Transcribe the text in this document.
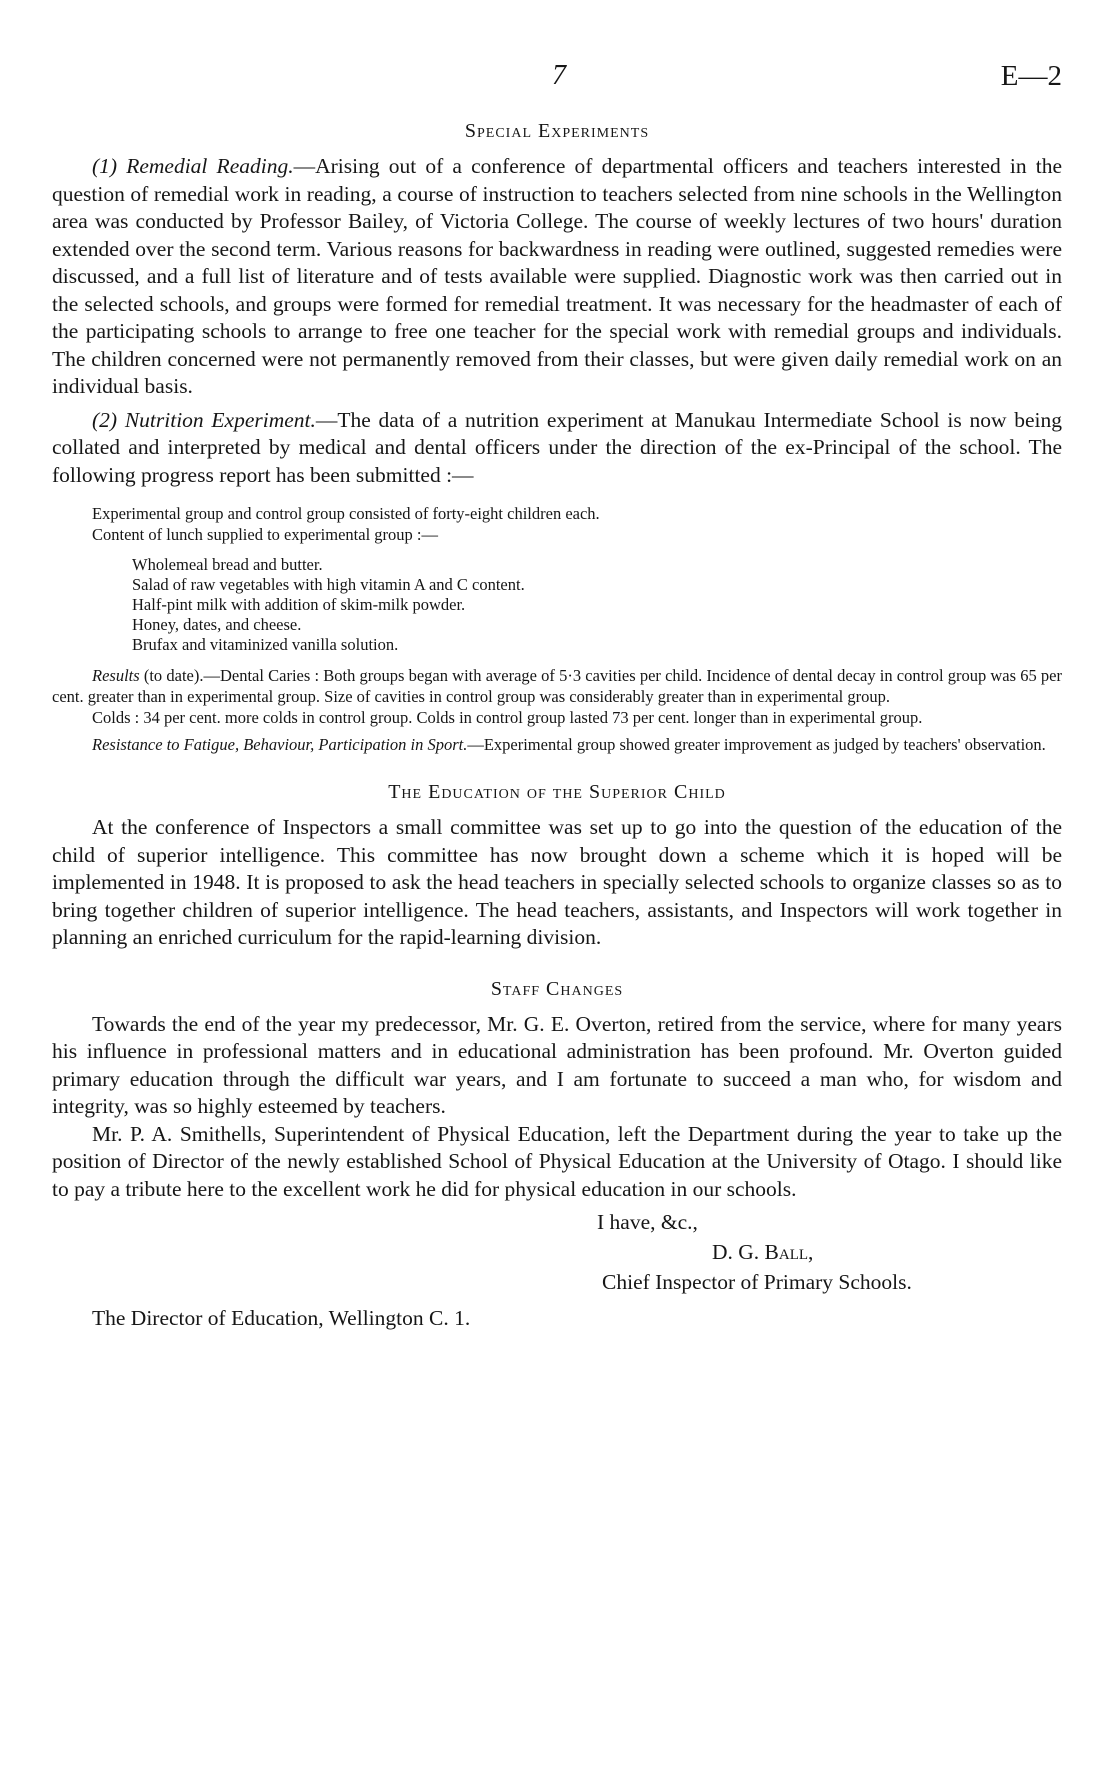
7	E—2
Special Experiments

(1) Remedial Reading.—Arising out of a conference of departmental officers and teachers interested in the question of remedial work in reading, a course of instruction to teachers selected from nine schools in the Wellington area was conducted by Professor Bailey, of Victoria College. The course of weekly lectures of two hours' duration extended over the second term. Various reasons for backwardness in reading were outlined, suggested remedies were discussed, and a full list of literature and of tests available were supplied. Diagnostic work was then carried out in the selected schools, and groups were formed for remedial treatment. It was necessary for the headmaster of each of the participating schools to arrange to free one teacher for the special work with remedial groups and individuals. The children concerned were not permanently removed from their classes, but were given daily remedial work on an individual basis.

(2) Nutrition Experiment.—The data of a nutrition experiment at Manukau Intermediate School is now being collated and interpreted by medical and dental officers under the direction of the ex-Principal of the school. The following progress report has been submitted :—

Experimental group and control group consisted of forty-eight children each.

Content of lunch supplied to experimental group :—

Wholemeal bread and butter.
Salad of raw vegetables with high vitamin A and C content.
Half-pint milk with addition of skim-milk powder.
Honey, dates, and cheese.
Brufax and vitaminized vanilla solution.

Results (to date).—Dental Caries : Both groups began with average of 5·3 cavities per child. Incidence of dental decay in control group was 65 per cent. greater than in experimental group. Size of cavities in control group was considerably greater than in experimental group.

Colds : 34 per cent. more colds in control group. Colds in control group lasted 73 per cent. longer than in experimental group.

Resistance to Fatigue, Behaviour, Participation in Sport.—Experimental group showed greater improvement as judged by teachers' observation.

The Education of the Superior Child

At the conference of Inspectors a small committee was set up to go into the question of the education of the child of superior intelligence. This committee has now brought down a scheme which it is hoped will be implemented in 1948. It is proposed to ask the head teachers in specially selected schools to organize classes so as to bring together children of superior intelligence. The head teachers, assistants, and Inspectors will work together in planning an enriched curriculum for the rapid-learning division.

Staff Changes

Towards the end of the year my predecessor, Mr. G. E. Overton, retired from the service, where for many years his influence in professional matters and in educational administration has been profound. Mr. Overton guided primary education through the difficult war years, and I am fortunate to succeed a man who, for wisdom and integrity, was so highly esteemed by teachers.

Mr. P. A. Smithells, Superintendent of Physical Education, left the Department during the year to take up the position of Director of the newly established School of Physical Education at the University of Otago. I should like to pay a tribute here to the excellent work he did for physical education in our schools.

I have, &c.,
D. G. Ball,
Chief Inspector of Primary Schools.
The Director of Education, Wellington C. 1.
